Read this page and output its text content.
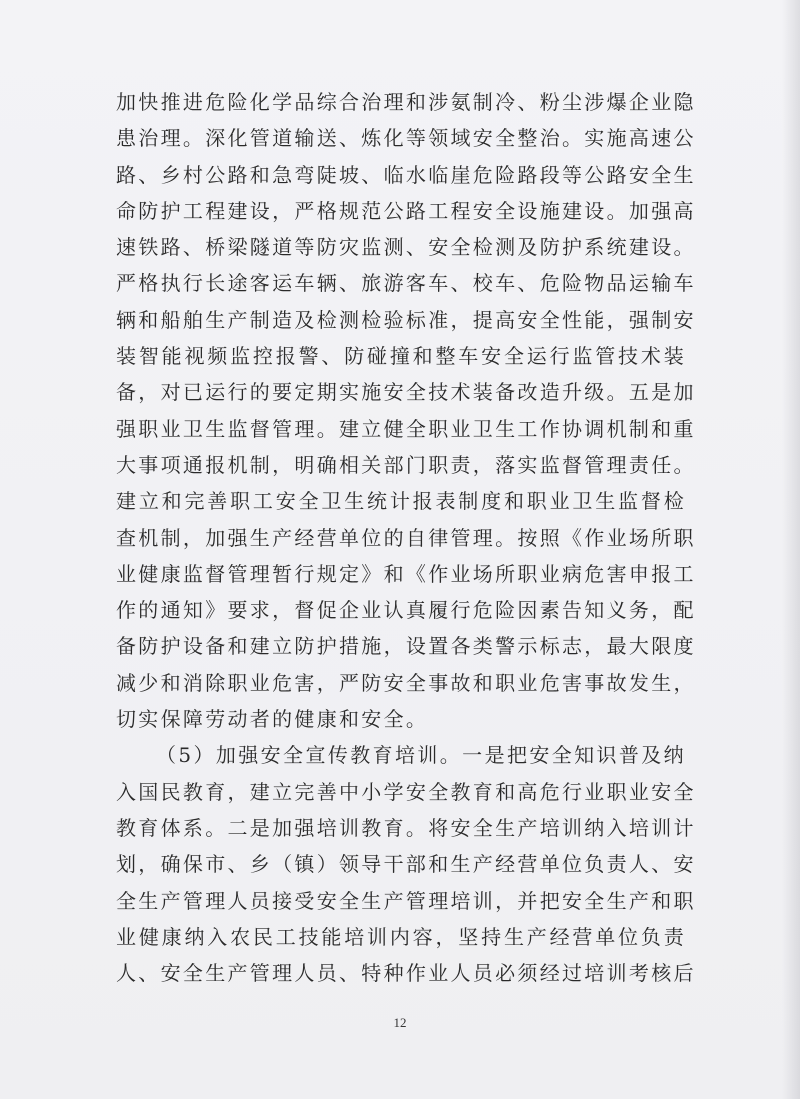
加快推进危险化学品综合治理和涉氨制冷、粉尘涉爆企业隐
患治理。深化管道输送、炼化等领域安全整治。实施高速公
路、乡村公路和急弯陡坡、临水临崖危险路段等公路安全生
命防护工程建设，严格规范公路工程安全设施建设。加强高
速铁路、桥梁隧道等防灾监测、安全检测及防护系统建设。
严格执行长途客运车辆、旅游客车、校车、危险物品运输车
辆和船舶生产制造及检测检验标准，提高安全性能，强制安
装智能视频监控报警、防碰撞和整车安全运行监管技术装
备，对已运行的要定期实施安全技术装备改造升级。五是加
强职业卫生监督管理。建立健全职业卫生工作协调机制和重
大事项通报机制，明确相关部门职责，落实监督管理责任。
建立和完善职工安全卫生统计报表制度和职业卫生监督检
查机制，加强生产经营单位的自律管理。按照《作业场所职
业健康监督管理暂行规定》和《作业场所职业病危害申报工
作的通知》要求，督促企业认真履行危险因素告知义务，配
备防护设备和建立防护措施，设置各类警示标志，最大限度
减少和消除职业危害，严防安全事故和职业危害事故发生，
切实保障劳动者的健康和安全。
（5）加强安全宣传教育培训。一是把安全知识普及纳
入国民教育，建立完善中小学安全教育和高危行业职业安全
教育体系。二是加强培训教育。将安全生产培训纳入培训计
划，确保市、乡（镇）领导干部和生产经营单位负责人、安
全生产管理人员接受安全生产管理培训，并把安全生产和职
业健康纳入农民工技能培训内容，坚持生产经营单位负责
人、安全生产管理人员、特种作业人员必须经过培训考核后
12
